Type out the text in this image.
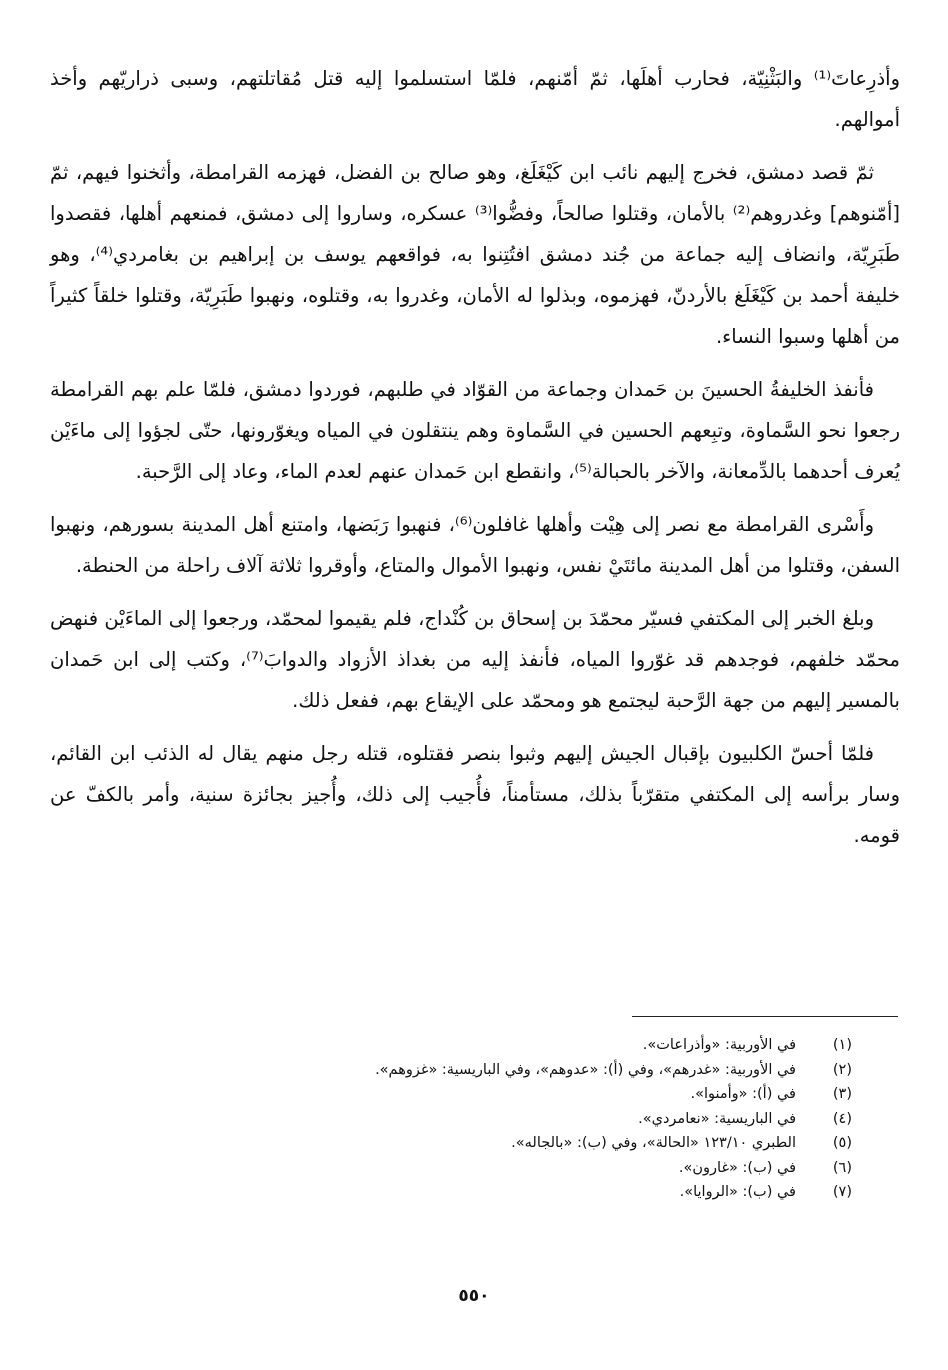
وأذرِعاتَ⁽¹⁾ والبَثْنِيّة، فحارب أهلَها، ثمّ أمّنهم، فلمّا استسلموا إليه قتل مُقاتلتهم، وسبى ذراريّهم وأخذ أموالهم.

ثمّ قصد دمشق، فخرج إليهم نائب ابن كَيْغَلَغ، وهو صالح بن الفضل، فهزمه القرامطة، وأثخنوا فيهم، ثمّ [أمّنوهم] وغدروهم⁽²⁾ بالأمان، وقتلوا صالحاً، وفضُّوا⁽³⁾ عسكره، وساروا إلى دمشق، فمنعهم أهلها، فقصدوا طَبَرِيّة، وانضاف إليه جماعة من جُند دمشق افتُتِنوا به، فواقعهم يوسف بن إبراهيم بن بغامردي⁽⁴⁾، وهو خليفة أحمد بن كَيْغَلَغ بالأردنّ، فهزموه، وبذلوا له الأمان، وغدروا به، وقتلوه، ونهبوا طَبَرِيّة، وقتلوا خلقاً كثيراً من أهلها وسبوا النساء.

فأنفذ الخليفةُ الحسينَ بن حَمدان وجماعة من القوّاد في طلبهم، فوردوا دمشق، فلمّا علم بهم القرامطة رجعوا نحو السَّماوة، وتبِعهم الحسين في السَّماوة وهم ينتقلون في المياه ويغوّرونها، حتّى لجؤوا إلى ماءَيْن يُعرف أحدهما بالدِّمعانة، والآخر بالحبالة⁽⁵⁾، وانقطع ابن حَمدان عنهم لعدم الماء، وعاد إلى الرَّحبة.

وأَسْرى القرامطة مع نصر إلى هِيْت وأهلها غافلون⁽⁶⁾، فنهبوا رَبَضها، وامتنع أهل المدينة بسورهم، ونهبوا السفن، وقتلوا من أهل المدينة مائتَيْ نفس، ونهبوا الأموال والمتاع، وأوقروا ثلاثة آلاف راحلة من الحنطة.

وبلغ الخبر إلى المكتفي فسيّر محمّدَ بن إسحاق بن كُنْداج، فلم يقيموا لمحمّد، ورجعوا إلى الماءَيْن فنهض محمّد خلفهم، فوجدهم قد غوّروا المياه، فأنفذ إليه من بغداذ الأزواد والدوابَ⁽⁷⁾، وكتب إلى ابن حَمدان بالمسير إليهم من جهة الرَّحبة ليجتمع هو ومحمّد على الإيقاع بهم، ففعل ذلك.

فلمّا أحسّ الكلبيون بإقبال الجيش إليهم وثبوا بنصر فقتلوه، قتله رجل منهم يقال له الذئب ابن القائم، وسار برأسه إلى المكتفي متقرّباً بذلك، مستأمناً، فأُجيب إلى ذلك، وأُجيز بجائزة سنية، وأمر بالكفّ عن قومه.

(١)
في الأوربية: «وأذراعات».
(٢)
في الأوربية: «غدرهم»، وفي (أ): «عدوهم»، وفي الباريسية: «غزوهم».
(٣)
في (أ): «وأمنوا».
(٤)
في الباريسية: «نعامردي».
(٥)
الطبري ١٢٣/١٠ «الحالة»، وفي (ب): «بالجاله».
(٦)
في (ب): «غارون».
(٧)
في (ب): «الروايا».
٥٥٠
